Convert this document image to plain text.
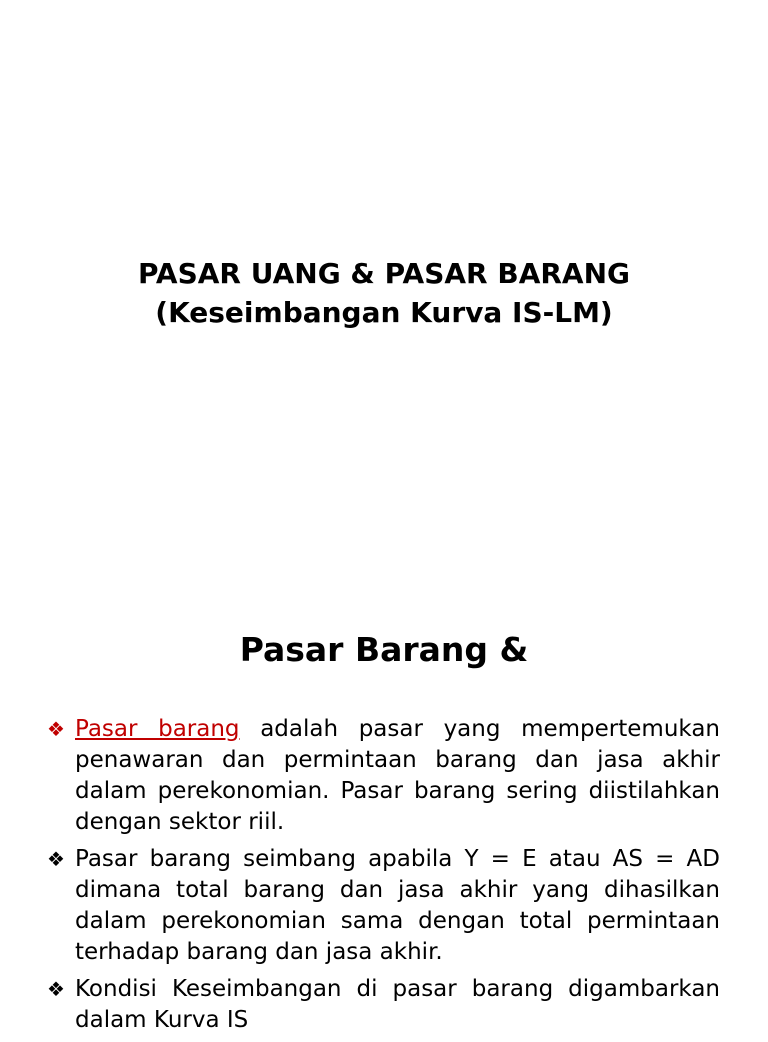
PASAR UANG & PASAR BARANG
(Keseimbangan Kurva IS-LM)
Pasar Barang &
❖ Pasar barang adalah pasar yang mempertemukan penawaran dan permintaan barang dan jasa akhir dalam perekonomian. Pasar barang sering diistilahkan dengan sektor riil.
❖ Pasar barang seimbang apabila Y = E atau AS = AD dimana total barang dan jasa akhir yang dihasilkan dalam perekonomian sama dengan total permintaan terhadap barang dan jasa akhir.
❖ Kondisi Keseimbangan di pasar barang digambarkan dalam Kurva IS
